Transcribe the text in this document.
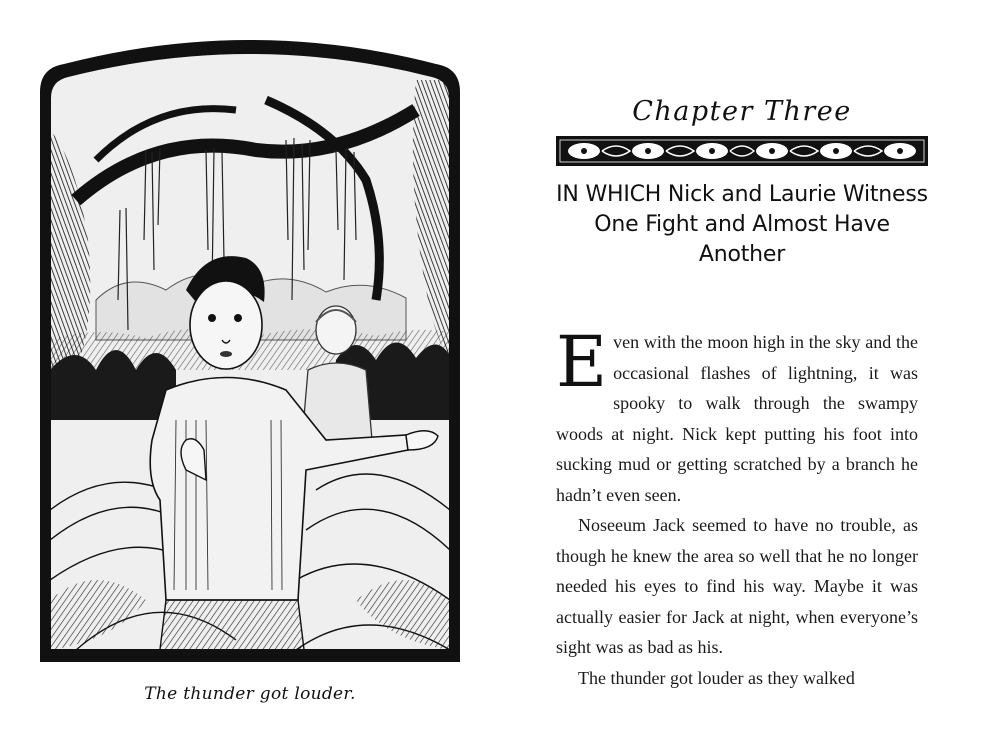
The thunder got louder.
Chapter Three
IN WHICH Nick and Laurie Witness
One Fight and Almost Have Another

Even with the moon high in the sky and the occasional flashes of lightning, it was spooky to walk through the swampy woods at night. Nick kept putting his foot into sucking mud or getting scratched by a branch he hadn’t even seen.

Noseeum Jack seemed to have no trouble, as though he knew the area so well that he no longer needed his eyes to find his way. Maybe it was actually easier for Jack at night, when everyone’s sight was as bad as his.

The thunder got louder as they walked
